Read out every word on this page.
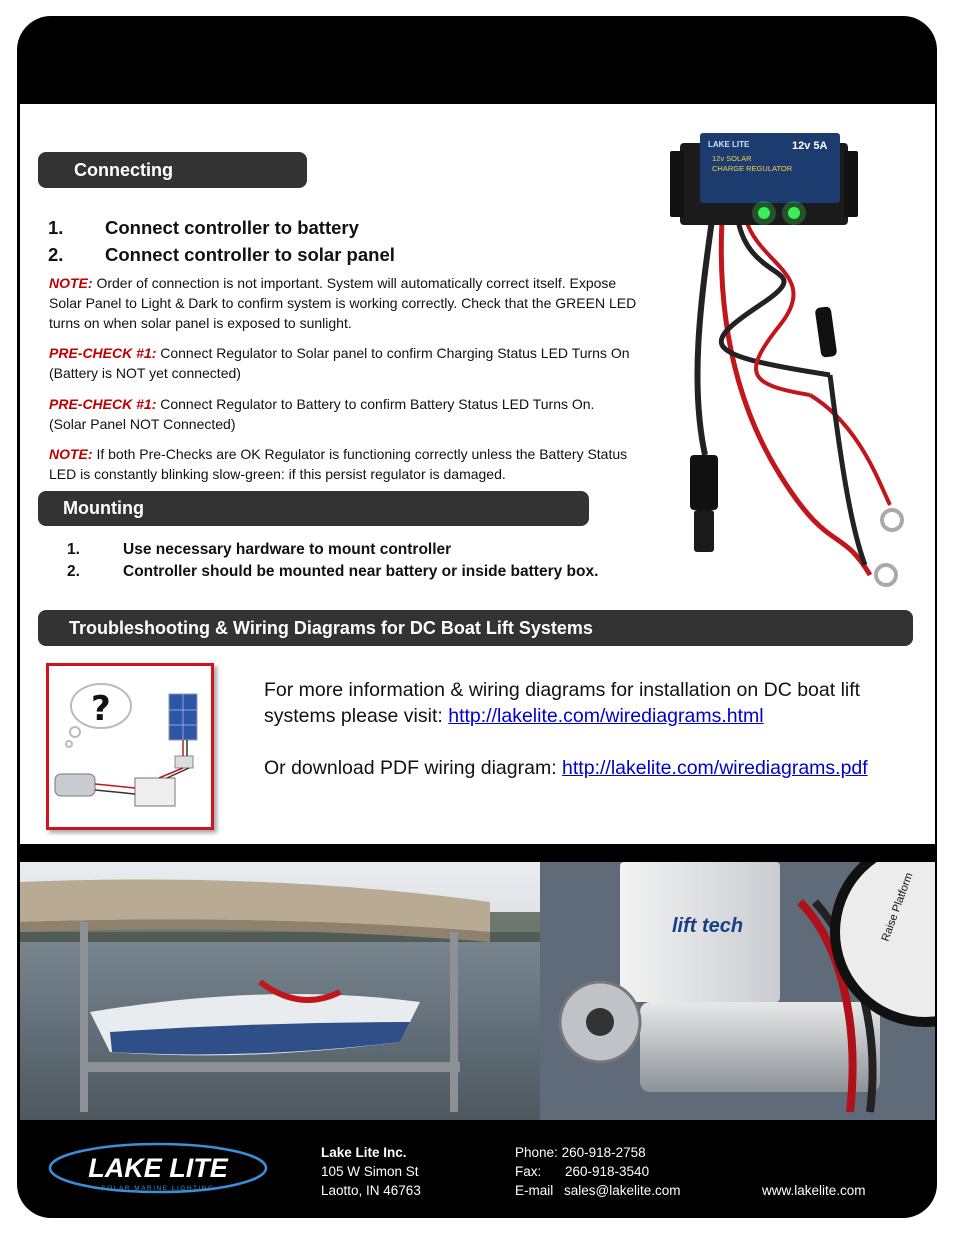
Connecting
1. Connect controller to battery
2. Connect controller to solar panel
NOTE: Order of connection is not important. System will automatically correct itself. Expose Solar Panel to Light & Dark to confirm system is working correctly. Check that the GREEN LED turns on when solar panel is exposed to sunlight.
PRE-CHECK #1: Connect Regulator to Solar panel to confirm Charging Status LED Turns On (Battery is NOT yet connected)
PRE-CHECK #1: Connect Regulator to Battery to confirm Battery Status LED Turns On. (Solar Panel NOT Connected)
NOTE: If both Pre-Checks are OK Regulator is functioning correctly unless the Battery Status LED is constantly blinking slow-green: if this persist regulator is damaged.
Mounting
1.	Use necessary hardware to mount controller
2.	Controller should be mounted near battery or inside battery box.
LAKE LITE	12v 5A
12v SOLAR
CHARGE REGULATOR
Troubleshooting & Wiring Diagrams for DC Boat Lift Systems
?	For more information & wiring diagrams for installation on DC boat lift systems please visit: http://lakelite.com/wirediagrams.html
Or download PDF wiring diagram: http://lakelite.com/wirediagrams.pdf
lift tech	Raise Platform
LAKE LITE
SOLAR MARINE LIGHTING
Lake Lite Inc.
105 W Simon St
Laotto, IN 46763
Phone: 260-918-2758
Fax: 260-918-3540
E-mail sales@lakelite.com	www.lakelite.com
